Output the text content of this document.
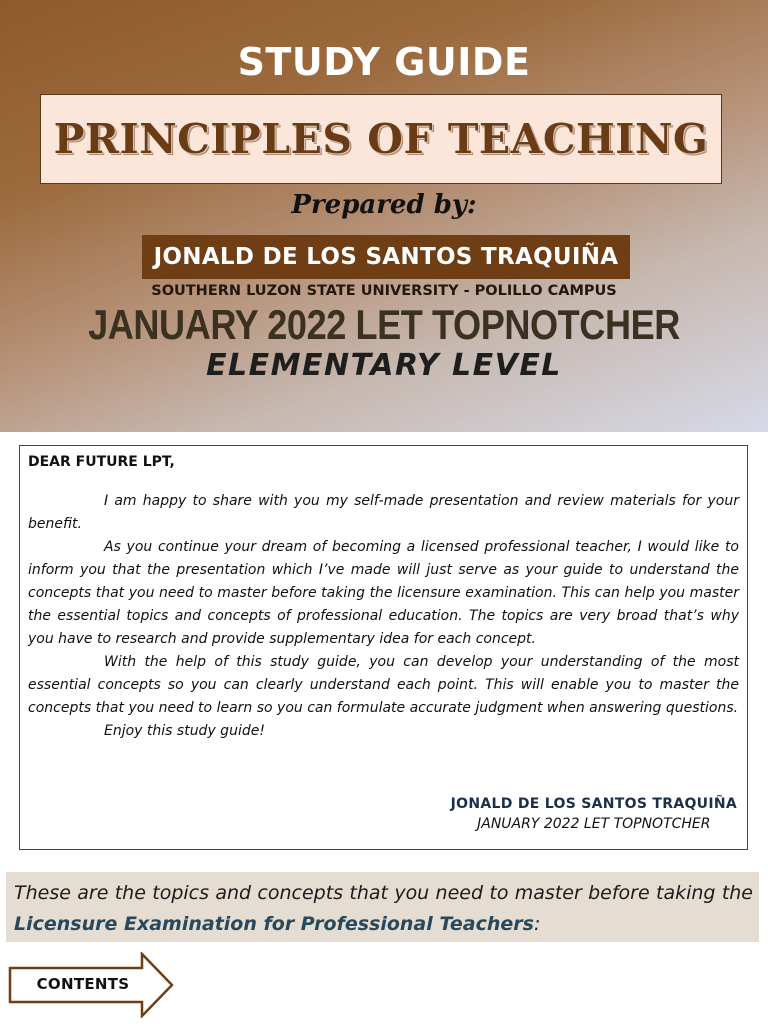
STUDY GUIDE
PRINCIPLES OF TEACHING
Prepared by:
JONALD DE LOS SANTOS TRAQUIÑA
SOUTHERN LUZON STATE UNIVERSITY - POLILLO CAMPUS
JANUARY 2022 LET TOPNOTCHER
ELEMENTARY LEVEL

DEAR FUTURE LPT,

I am happy to share with you my self-made presentation and review materials for your benefit.

As you continue your dream of becoming a licensed professional teacher, I would like to inform you that the presentation which I’ve made will just serve as your guide to understand the concepts that you need to master before taking the licensure examination. This can help you master the essential topics and concepts of professional education. The topics are very broad that’s why you have to research and provide supplementary idea for each concept.

With the help of this study guide, you can develop your understanding of the most essential concepts so you can clearly understand each point. This will enable you to master the concepts that you need to learn so you can formulate accurate judgment when answering questions.

Enjoy this study guide!

JONALD DE LOS SANTOS TRAQUIÑA
JANUARY 2022 LET TOPNOTCHER

These are the topics and concepts that you need to master before taking the Licensure Examination for Professional Teachers:

CONTENTS
